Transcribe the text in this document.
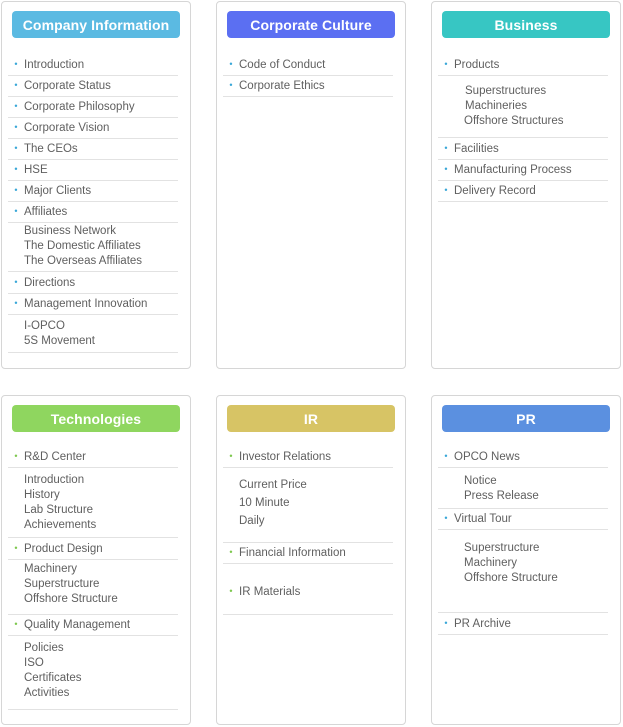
Company Information
• Introduction
• Corporate Status
• Corporate Philosophy
• Corporate Vision
• The CEOs
• HSE
• Major Clients
• Affiliates
Business Network
The Domestic Affiliates
The Overseas Affiliates
• Directions
• Management Innovation
I-OPCO
5S Movement
Corporate Culture
• Code of Conduct
• Corporate Ethics
Business
• Products
Superstructures
Machineries
Offshore Structures
• Facilities
• Manufacturing Process
• Delivery Record
Technologies
• R&D Center
Introduction
History
Lab Structure
Achievements
• Product Design
Machinery
Superstructure
Offshore Structure
• Quality Management
Policies
ISO
Certificates
Activities
IR
• Investor Relations
Current Price
10 Minute
Daily
• Financial Information
• IR Materials
PR
• OPCO News
Notice
Press Release
• Virtual Tour
Superstructure
Machinery
Offshore Structure
• PR Archive
